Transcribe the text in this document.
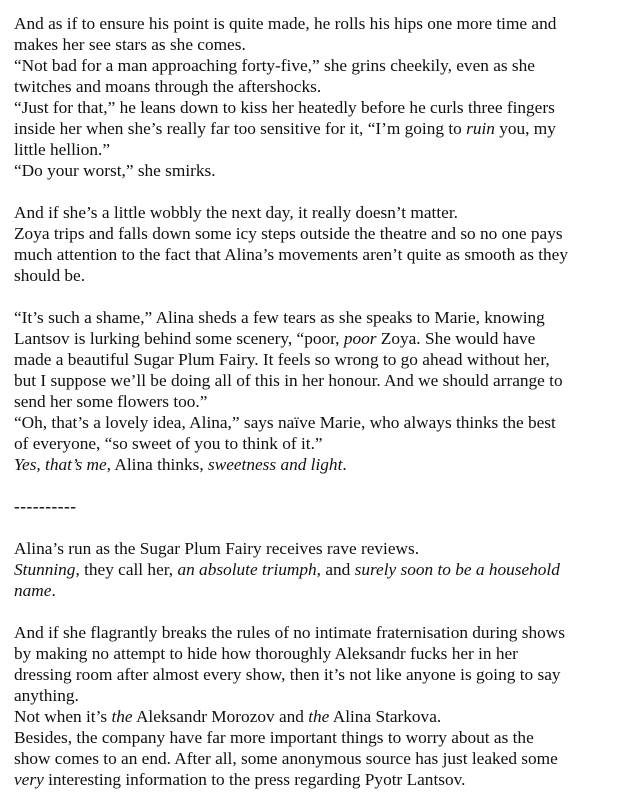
And as if to ensure his point is quite made, he rolls his hips one more time and
makes her see stars as she comes.
“Not bad for a man approaching forty-five,” she grins cheekily, even as she
twitches and moans through the aftershocks.
“Just for that,” he leans down to kiss her heatedly before he curls three fingers
inside her when she’s really far too sensitive for it, “I’m going to ruin you, my
little hellion.”
“Do your worst,” she smirks.
And if she’s a little wobbly the next day, it really doesn’t matter.
Zoya trips and falls down some icy steps outside the theatre and so no one pays
much attention to the fact that Alina’s movements aren’t quite as smooth as they
should be.
“It’s such a shame,” Alina sheds a few tears as she speaks to Marie, knowing
Lantsov is lurking behind some scenery, “poor, poor Zoya. She would have
made a beautiful Sugar Plum Fairy. It feels so wrong to go ahead without her,
but I suppose we’ll be doing all of this in her honour. And we should arrange to
send her some flowers too.”
“Oh, that’s a lovely idea, Alina,” says naïve Marie, who always thinks the best
of everyone, “so sweet of you to think of it.”
Yes, that’s me, Alina thinks, sweetness and light.
----------
Alina’s run as the Sugar Plum Fairy receives rave reviews.
Stunning, they call her, an absolute triumph, and surely soon to be a household
name.
And if she flagrantly breaks the rules of no intimate fraternisation during shows
by making no attempt to hide how thoroughly Aleksandr fucks her in her
dressing room after almost every show, then it’s not like anyone is going to say
anything.
Not when it’s the Aleksandr Morozov and the Alina Starkova.
Besides, the company have far more important things to worry about as the
show comes to an end. After all, some anonymous source has just leaked some
very interesting information to the press regarding Pyotr Lantsov.
